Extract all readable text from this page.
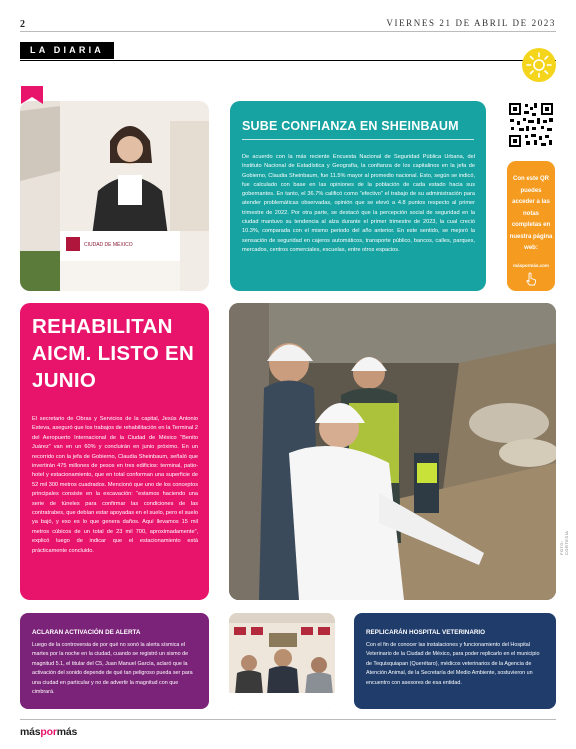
2	VIERNES 21 DE ABRIL DE 2023
LA DIARIA
CIUDAD DE MÉXICO
SUBE CONFIANZA EN SHEINBAUM
De acuerdo con la más reciente Encuesta Nacional de Seguridad Pública Urbana, del Instituto Nacional de Estadística y Geografía, la confianza de los capitalinos en la jefa de Gobierno, Claudia Sheinbaum, fue 11.5% mayor al promedio nacional. Esto, según se indicó, fue calculado con base en las opiniones de la población de cada estado hacia sus gobernantes. En tanto, el 36.7% calificó como “efectivo” el trabajo de su administración para atender problemáticas observadas, opinión que se elevó a 4.8 puntos respecto al primer trimestre de 2022. Por otra parte, se destacó que la percepción social de seguridad en la ciudad mantuvo su tendencia al alza durante el primer trimestre de 2023, la cual creció 10.3%, comparada con el mismo periodo del año anterior. En este sentido, se mejoró la sensación de seguridad en cajeros automáticos, transporte público, bancos, calles, parques, mercados, centros comerciales, escuelas, entre otros espacios.
Con este QR puedes acceder a las notas completas en nuestra página web:
máspormás.com
REHABILITAN AICM. LISTO EN JUNIO
El secretario de Obras y Servicios de la capital, Jesús Antonio Esteva, aseguró que los trabajos de rehabilitación en la Terminal 2 del Aeropuerto Internacional de la Ciudad de México “Benito Juárez” van en un 60% y concluirán en junio próximo. En un recorrido con la jefa de Gobierno, Claudia Sheinbaum, señaló que invertirán 475 millones de pesos en tres edificios: terminal, patio-hotel y estacionamiento, que en total conforman una superficie de 52 mil 300 metros cuadrados. Mencionó que uno de los conceptos principales consiste en la excavación: “estamos haciendo una serie de túneles para confirmar las condiciones de las contratrabes, que debían estar apoyadas en el suelo, pero el suelo ya bajó, y eso es lo que genera daños. Aquí llevamos 15 mil metros cúbicos de un total de 23 mil 700, aproximadamente”, explicó luego de indicar que el estacionamiento está prácticamente concluido.	FOTO: CORTESÍA
ACLARAN ACTIVACIÓN DE ALERTA
Luego de la controversia de por qué no sonó la alerta sísmica el martes por la noche en la ciudad, cuando se registró un sismo de magnitud 5.1, el titular del C5, Juan Manuel García, aclaró que la activación del sonido depende de qué tan peligroso pueda ser para una ciudad en particular y no de advertir la magnitud con que cimbrará.
REPLICARÁN HOSPITAL VETERINARIO
Con el fin de conocer las instalaciones y funcionamiento del Hospital Veterinario de la Ciudad de México, para poder replicarlo en el municipio de Tequisquiapan (Querétaro), médicos veterinarios de la Agencia de Atención Animal, de la Secretaría del Medio Ambiente, sostuvieron un encuentro con asesores de esa entidad.
máspormás
